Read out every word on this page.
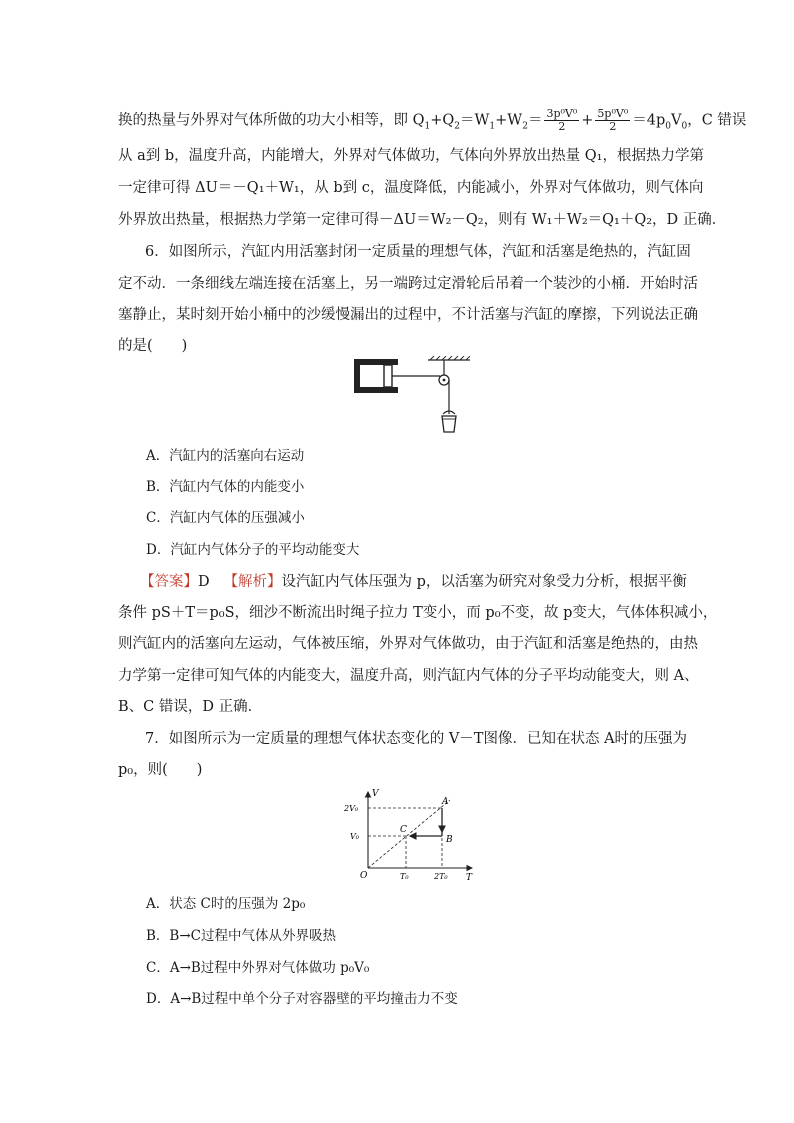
换的热量与外界对气体所做的功大小相等，即 $Q_1+Q_2=W_1+W_2= \frac{\text{3p⁰V⁰}}{2} + \frac{\text{5p⁰V⁰}}{2} =4p_0V_0$，C 错误
从 a到 b，温度升高，内能增大，外界对气体做功，气体向外界放出热量 Q₁，根据热力学第
一定律可得 ΔU＝－Q₁＋W₁，从 b到 c，温度降低，内能减小，外界对气体做功，则气体向
外界放出热量，根据热力学第一定律可得－ΔU＝W₂－Q₂，则有 W₁＋W₂＝Q₁＋Q₂，D 正确．
6．如图所示，汽缸内用活塞封闭一定质量的理想气体，汽缸和活塞是绝热的，汽缸固
定不动．一条细线左端连接在活塞上，另一端跨过定滑轮后吊着一个装沙的小桶．开始时活
塞静止，某时刻开始小桶中的沙缓慢漏出的过程中，不计活塞与汽缸的摩擦，下列说法正确
的是(　　)
A．汽缸内的活塞向右运动
B．汽缸内气体的内能变小
C．汽缸内气体的压强减小
D．汽缸内气体分子的平均动能变大
【答案】D 【解析】设汽缸内气体压强为 p，以活塞为研究对象受力分析，根据平衡
条件 pS＋T＝p₀S，细沙不断流出时绳子拉力 T变小，而 p₀不变，故 p变大，气体体积减小，
则汽缸内的活塞向左运动，气体被压缩，外界对气体做功，由于汽缸和活塞是绝热的，由热
力学第一定律可知气体的内能变大，温度升高，则汽缸内气体的分子平均动能变大，则 A、
B、C 错误，D 正确．
7．如图所示为一定质量的理想气体状态变化的 V－T图像．已知在状态 A时的压强为
p₀，则(　　)
V
T
O
2V₀
V₀
T₀	2T₀
A
B
C
A．状态 C时的压强为 2p₀
B．B→C过程中气体从外界吸热
C．A→B过程中外界对气体做功 p₀V₀
D．A→B过程中单个分子对容器壁的平均撞击力不变
